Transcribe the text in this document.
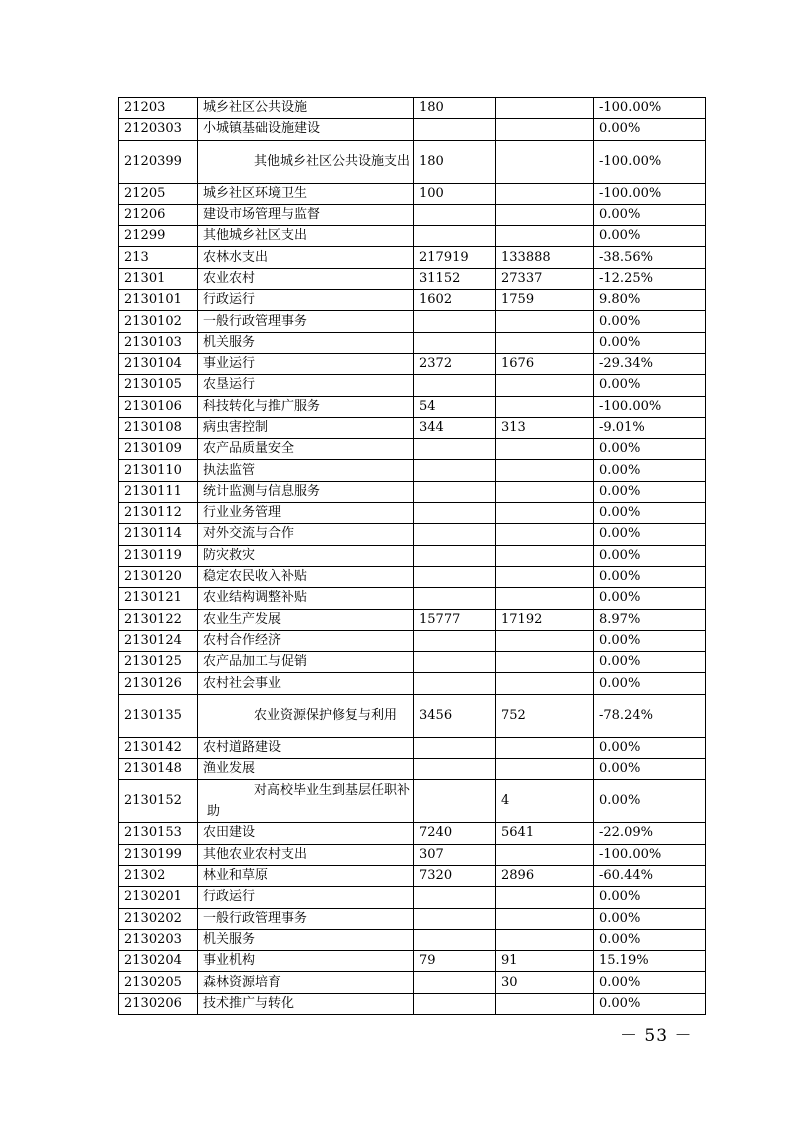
21203	城乡社区公共设施	180		-100.00%
2120303	小城镇基础设施建设			0.00%
2120399	其他城乡社区公共设施支出	180		-100.00%
21205	城乡社区环境卫生	100		-100.00%
21206	建设市场管理与监督			0.00%
21299	其他城乡社区支出			0.00%
213	农林水支出	217919	133888	-38.56%
21301	农业农村	31152	27337	-12.25%
2130101	行政运行	1602	1759	9.80%
2130102	一般行政管理事务			0.00%
2130103	机关服务			0.00%
2130104	事业运行	2372	1676	-29.34%
2130105	农垦运行			0.00%
2130106	科技转化与推广服务	54		-100.00%
2130108	病虫害控制	344	313	-9.01%
2130109	农产品质量安全			0.00%
2130110	执法监管			0.00%
2130111	统计监测与信息服务			0.00%
2130112	行业业务管理			0.00%
2130114	对外交流与合作			0.00%
2130119	防灾救灾			0.00%
2130120	稳定农民收入补贴			0.00%
2130121	农业结构调整补贴			0.00%
2130122	农业生产发展	15777	17192	8.97%
2130124	农村合作经济			0.00%
2130125	农产品加工与促销			0.00%
2130126	农村社会事业			0.00%
2130135	农业资源保护修复与利用	3456	752	-78.24%
2130142	农村道路建设			0.00%
2130148	渔业发展			0.00%
2130152	对高校毕业生到基层任职补助		4	0.00%
2130153	农田建设	7240	5641	-22.09%
2130199	其他农业农村支出	307		-100.00%
21302	林业和草原	7320	2896	-60.44%
2130201	行政运行			0.00%
2130202	一般行政管理事务			0.00%
2130203	机关服务			0.00%
2130204	事业机构	79	91	15.19%
2130205	森林资源培育		30	0.00%
2130206	技术推广与转化			0.00%
－ 53 －
